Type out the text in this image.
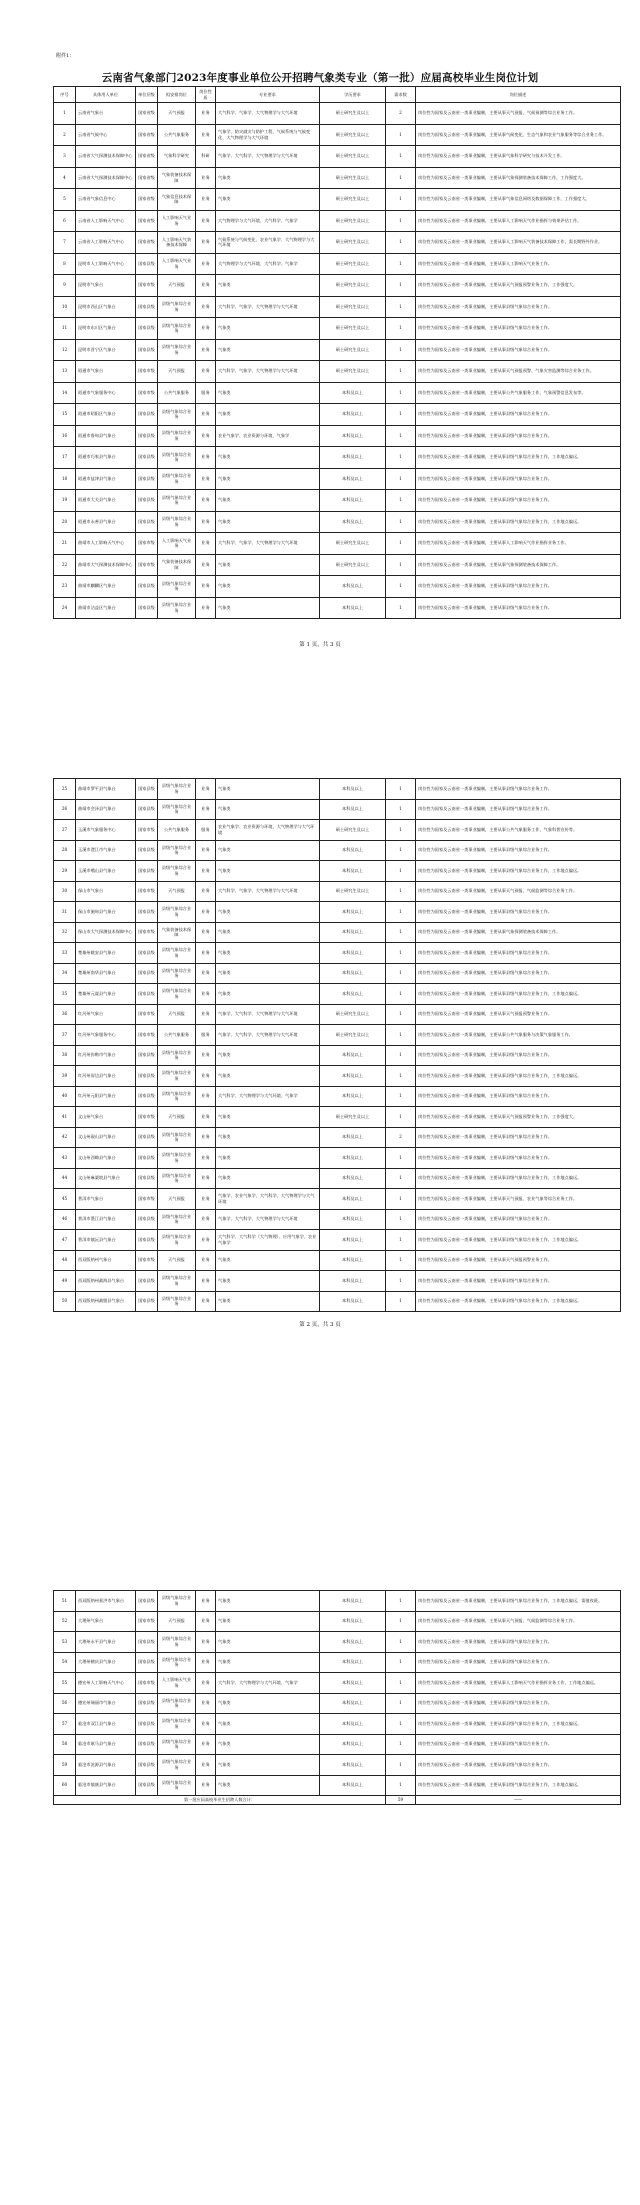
附件1：
云南省气象部门2023年度事业单位公开招聘气象类专业（第一批）应届高校毕业生岗位计划
序号	具体用人单位	单位层级	拟安排岗位	岗位性质	专业要求	学历要求	需求数	岗位描述
1	云南省气象台	国家省级	天气预报	业务	大气科学、气象学、大气物理学与大气环境	硕士研究生及以上	2	岗位性为国家及云南省一类事业编制，主要从事天气预报、气候预测等综合业务工作。
2	云南省气候中心	国家省级	公共气象服务	业务	气象学、防灾减灾与防护工程、气候系统与气候变化、大气物理学与大气环境	硕士研究生及以上	1	岗位性为国家及云南省一类事业编制，主要从事气候变化、生态气象和农业气象服务等综合业务工作。
3	云南省大气探测技术保障中心	国家省级	气象科学研究	科研	气象学、大气科学、大气物理学与大气环境	硕士研究生及以上	1	岗位性为国家及云南省一类事业编制，主要从事气象科学研究与技术开发工作。
4	云南省大气探测技术保障中心	国家省级	气象装备技术保障	业务	气象类	硕士研究生及以上	1	岗位性为国家及云南省一类事业编制，主要从事气象探测装备技术保障工作，工作强度大。
5	云南省气象信息中心	国家省级	气象信息技术保障	业务	气象类	硕士研究生及以上	1	岗位性为国家及云南省一类事业编制，主要从事气象信息网络及数据保障工作，工作强度大。
6	云南省人工影响天气中心	国家省级	人工影响天气业务	业务	大气物理学与大气环境、大气科学、气象学	硕士研究生及以上	1	岗位性为国家及云南省一类事业编制，主要从事人工影响天气作业指挥与效果评估工作。
7	云南省人工影响天气中心	国家省级	人工影响天气装备技术保障	业务	气候系统与气候变化、农业气象学、大气物理学与大气环境	硕士研究生及以上	1	岗位性为国家及云南省一类事业编制，主要从事人工影响天气装备技术保障工作，需长期野外作业。
8	昆明市人工影响天气中心	国家县级	人工影响天气业务	业务	大气物理学与大气环境、大气科学、气象学	硕士研究生及以上	1	岗位性为国家及云南省一类事业编制，主要从事人工影响天气业务工作。
9	昆明市气象台	国家市级	天气预报	业务	气象类	硕士研究生及以上	1	岗位性为国家及云南省一类事业编制，主要从事天气预报预警业务工作，工作强度大。
10	昆明市西山区气象台	国家县级	县级气象综合业务	业务	大气科学、气象学、大气物理学与大气环境	硕士研究生及以上	1	岗位性为国家及云南省一类事业编制，主要从事县级气象综合业务工作。
11	昆明市东川区气象台	国家县级	县级气象综合业务	业务	气象类	硕士研究生及以上	1	岗位性为国家及云南省一类事业编制，主要从事县级气象综合业务工作。
12	昆明市晋宁区气象台	国家县级	县级气象综合业务	业务	气象类	硕士研究生及以上	1	岗位性为国家及云南省一类事业编制，主要从事县级气象综合业务工作。
13	昭通市气象台	国家市级	天气预报	业务	大气科学、气象学、大气物理学与大气环境	硕士研究生及以上	1	岗位性为国家及云南省一类事业编制，主要从事天气预报预警、气象灾害监测等综合业务工作。
14	昭通市气象服务中心	国家市级	公共气象服务	服务	气象类	本科及以上	1	岗位性为国家及云南省一类事业编制，主要从事公共气象服务工作，气象预警信息发布等。
15	昭通市昭阳区气象台	国家县级	县级气象综合业务	业务	气象类	本科及以上	1	岗位性为国家及云南省一类事业编制，主要从事县级气象综合业务工作。
16	昭通市鲁甸县气象台	国家县级	县级气象综合业务	业务	农业气象学、农业资源与环境、气象学	本科及以上	1	岗位性为国家及云南省一类事业编制，主要从事县级气象综合业务工作。
17	昭通市巧家县气象台	国家县级	县级气象综合业务	业务	气象类	本科及以上	1	岗位性为国家及云南省一类事业编制，主要从事县级气象综合业务工作，工作地点偏远。
18	昭通市盐津县气象台	国家县级	县级气象综合业务	业务	气象类	本科及以上	1	岗位性为国家及云南省一类事业编制，主要从事县级气象综合业务工作。
19	昭通市大关县气象台	国家县级	县级气象综合业务	业务	气象类	本科及以上	1	岗位性为国家及云南省一类事业编制，主要从事县级气象综合业务工作。
20	昭通市永善县气象台	国家县级	县级气象综合业务	业务	气象类	本科及以上	1	岗位性为国家及云南省一类事业编制，主要从事县级气象综合业务工作，工作地点偏远。
21	曲靖市人工影响天气中心	国家市级	人工影响天气业务	业务	大气科学、气象学、大气物理学与大气环境	硕士研究生及以上	1	岗位性为国家及云南省一类事业编制，主要从事人工影响天气作业指挥业务工作。
22	曲靖市大气探测技术保障中心	国家市级	气象装备技术保障	业务	气象类	硕士研究生及以上	1	岗位性为国家及云南省一类事业编制，主要从事气象探测装备技术保障工作。
23	曲靖市麒麟区气象台	国家县级	县级气象综合业务	业务	气象类	本科及以上	1	岗位性为国家及云南省一类事业编制，主要从事县级气象综合业务工作。
24	曲靖市沾益区气象台	国家县级	县级气象综合业务	业务	气象类	本科及以上	1	岗位性为国家及云南省一类事业编制，主要从事县级气象综合业务工作。
第 1 页，共 3 页
25	曲靖市罗平县气象台	国家县级	县级气象综合业务	业务	气象类	本科及以上	1	岗位性为国家及云南省一类事业编制，主要从事县级气象综合业务工作。
26	曲靖市会泽县气象台	国家县级	县级气象综合业务	业务	气象类	本科及以上	1	岗位性为国家及云南省一类事业编制，主要从事县级气象综合业务工作。
27	玉溪市气象服务中心	国家市级	公共气象服务	服务	农业气象学、农业资源与环境、大气物理学与大气环境	硕士研究生及以上	1	岗位性为国家及云南省一类事业编制，主要从事公共气象服务工作，气象科普宣传等。
28	玉溪市澄江市气象台	国家县级	县级气象综合业务	业务	气象类	本科及以上	1	岗位性为国家及云南省一类事业编制，主要从事县级气象综合业务工作。
29	玉溪市峨山县气象台	国家县级	县级气象综合业务	业务	气象类	本科及以上	1	岗位性为国家及云南省一类事业编制，主要从事县级气象综合业务工作，工作地点偏远。
30	保山市气象台	国家市级	天气预报	业务	大气科学、气象学、大气物理学与大气环境	硕士研究生及以上	1	岗位性为国家及云南省一类事业编制，主要从事天气预报、气候监测等综合业务工作。
31	保山市施甸县气象台	国家县级	县级气象综合业务	业务	气象类	本科及以上	1	岗位性为国家及云南省一类事业编制，主要从事县级气象综合业务工作。
32	保山市大气探测技术保障中心	国家市级	气象装备技术保障	业务	气象类	本科及以上	1	岗位性为国家及云南省一类事业编制，主要从事气象探测装备技术保障工作。
33	楚雄州姚安县气象台	国家县级	县级气象综合业务	业务	气象类	本科及以上	1	岗位性为国家及云南省一类事业编制，主要从事县级气象综合业务工作。
34	楚雄州南华县气象台	国家县级	县级气象综合业务	业务	气象类	本科及以上	1	岗位性为国家及云南省一类事业编制，主要从事县级气象综合业务工作。
35	楚雄州元谋县气象台	国家县级	县级气象综合业务	业务	气象类	本科及以上	1	岗位性为国家及云南省一类事业编制，主要从事县级气象综合业务工作，工作地点偏远。
36	红河州气象台	国家市级	天气预报	业务	气象学、大气科学、大气物理学与大气环境	硕士研究生及以上	1	岗位性为国家及云南省一类事业编制，主要从事天气预报预警业务工作。
37	红河州气象服务中心	国家市级	公共气象服务	服务	气象学、大气科学、大气物理学与大气环境	硕士研究生及以上	1	岗位性为国家及云南省一类事业编制，主要从事公共气象服务与决策气象服务工作。
38	红河州弥勒市气象台	国家县级	县级气象综合业务	业务	气象类	本科及以上	1	岗位性为国家及云南省一类事业编制，主要从事县级气象综合业务工作。
39	红河州屏边县气象台	国家县级	县级气象综合业务	业务	气象类	本科及以上	1	岗位性为国家及云南省一类事业编制，主要从事县级气象综合业务工作，工作地点偏远。
40	红河州元阳县气象台	国家县级	县级气象综合业务	业务	大气科学、大气物理学与大气环境、气象学	本科及以上	1	岗位性为国家及云南省一类事业编制，主要从事县级气象综合业务工作。
41	文山州气象台	国家市级	天气预报	业务	气象类	硕士研究生及以上	1	岗位性为国家及云南省一类事业编制，主要从事天气预报预警业务工作，工作强度大。
42	文山州砚山县气象台	国家县级	县级气象综合业务	业务	气象类	本科及以上	2	岗位性为国家及云南省一类事业编制，主要从事县级气象综合业务工作。
43	文山州西畴县气象台	国家县级	县级气象综合业务	业务	气象类	本科及以上	1	岗位性为国家及云南省一类事业编制，主要从事县级气象综合业务工作。
44	文山州麻栗坡县气象台	国家县级	县级气象综合业务	业务	气象类	本科及以上	1	岗位性为国家及云南省一类事业编制，主要从事县级气象综合业务工作，工作地点偏远。
45	普洱市气象台	国家市级	天气预报	业务	气象学、农业气象学、大气科学、大气物理学与大气环境	本科及以上	1	岗位性为国家及云南省一类事业编制，主要从事天气预报、农业气象等综合业务工作。
46	普洱市墨江县气象台	国家县级	县级气象综合业务	业务	气象学、大气科学、大气物理学与大气环境	本科及以上	1	岗位性为国家及云南省一类事业编制，主要从事县级气象综合业务工作。
47	普洱市镇沅县气象台	国家县级	县级气象综合业务	业务	大气科学、大气科学（大气物理）、应用气象学、农业气象学	本科及以上	1	岗位性为国家及云南省一类事业编制，主要从事县级气象综合业务工作，工作地点偏远。
48	西双版纳州气象台	国家市级	天气预报	业务	气象类	本科及以上	1	岗位性为国家及云南省一类事业编制，主要从事天气预报预警业务工作。
49	西双版纳州勐海县气象台	国家县级	县级气象综合业务	业务	气象类	本科及以上	1	岗位性为国家及云南省一类事业编制，主要从事县级气象综合业务工作。
50	西双版纳州勐腊县气象台	国家县级	县级气象综合业务	业务	气象类	本科及以上	1	岗位性为国家及云南省一类事业编制，主要从事县级气象综合业务工作，工作地点偏远。
第 2 页，共 3 页
51	西双版纳州景洪市气象台	国家县级	县级气象综合业务	业务	气象类	本科及以上	1	岗位性为国家及云南省一类事业编制，主要从事县级气象综合业务工作，工作地点偏远，需值夜班。
52	大理州气象台	国家市级	天气预报	业务	气象类	本科及以上	1	岗位性为国家及云南省一类事业编制，主要从事天气预报、气候监测等综合业务工作。
53	大理州永平县气象台	国家县级	县级气象综合业务	业务	气象类	本科及以上	1	岗位性为国家及云南省一类事业编制，主要从事县级气象综合业务工作。
54	大理州鹤庆县气象台	国家县级	县级气象综合业务	业务	气象类	本科及以上	1	岗位性为国家及云南省一类事业编制，主要从事县级气象综合业务工作。
55	德宏州人工影响天气中心	国家市级	人工影响天气业务	业务	大气科学、大气物理学与大气环境、气象学	本科及以上	1	岗位性为国家及云南省一类事业编制，主要从事人工影响天气作业指挥业务工作，工作地点偏远。
56	德宏州瑞丽市气象台	国家县级	县级气象综合业务	业务	气象类	本科及以上	1	岗位性为国家及云南省一类事业编制，主要从事县级气象综合业务工作。
57	临沧市双江县气象台	国家县级	县级气象综合业务	业务	气象类	本科及以上	1	岗位性为国家及云南省一类事业编制，主要从事县级气象综合业务工作，工作地点偏远。
58	临沧市耿马县气象台	国家县级	县级气象综合业务	业务	气象类	本科及以上	1	岗位性为国家及云南省一类事业编制，主要从事县级气象综合业务工作。
59	临沧市沧源县气象台	国家县级	县级气象综合业务	业务	气象类	本科及以上	1	岗位性为国家及云南省一类事业编制，主要从事县级气象综合业务工作。
60	临沧市镇康县气象台	国家县级	县级气象综合业务	业务	气象类	本科及以上	1	岗位性为国家及云南省一类事业编制，主要从事县级气象综合业务工作，工作地点偏远。
第一批应届高校毕业生招聘人数合计：							59	——
